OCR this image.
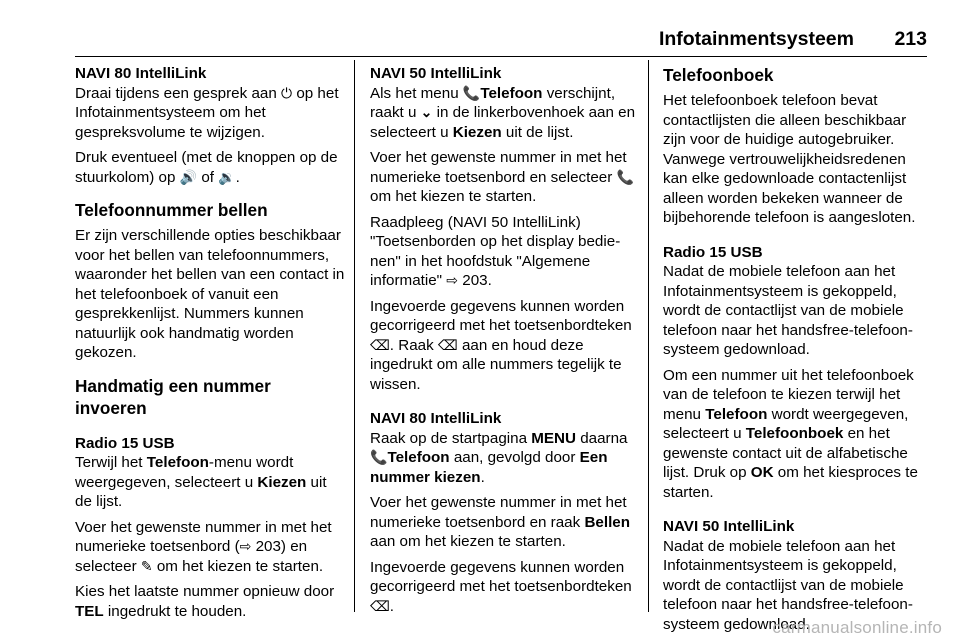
Infotainmentsysteem 213

NAVI 80 IntelliLink

Draai tijdens een gesprek aan ⏻ op het Infotainmentsysteem om het gespreksvolume te wijzigen.

Druk eventueel (met de knoppen op de stuurkolom) op 🔊 of 🔉.

Telefoonnummer bellen

Er zijn verschillende opties beschikbaar voor het bellen van telefoonnummers, waaronder het bellen van een contact in het telefoonboek of vanuit een gesprekkenlijst. Nummers kunnen natuurlijk ook handmatig worden gekozen.

Handmatig een nummer invoeren

Radio 15 USB

Terwijl het Telefoon-menu wordt weergegeven, selecteert u Kiezen uit de lijst.

Voer het gewenste nummer in met het numerieke toetsenbord (⇨ 203) en selecteer ✎ om het kiezen te starten.

Kies het laatste nummer opnieuw door TEL ingedrukt te houden.

NAVI 50 IntelliLink

Als het menu 📞Telefoon verschijnt, raakt u ⌄ in de linkerbovenhoek aan en selecteert u Kiezen uit de lijst.

Voer het gewenste nummer in met het numerieke toetsenbord en selecteer 📞 om het kiezen te starten.

Raadpleeg (NAVI 50 IntelliLink) "Toetsenborden op het display bedienen" in het hoofdstuk "Algemene informatie" ⇨ 203.

Ingevoerde gegevens kunnen worden gecorrigeerd met het toetsenbordteken ⌫. Raak ⌫ aan en houd deze ingedrukt om alle nummers tegelijk te wissen.

NAVI 80 IntelliLink

Raak op de startpagina MENU daarna 📞Telefoon aan, gevolgd door Een nummer kiezen.

Voer het gewenste nummer in met het numerieke toetsenbord en raak Bellen aan om het kiezen te starten.

Ingevoerde gegevens kunnen worden gecorrigeerd met het toetsenbordteken ⌫.

Telefoonboek

Het telefoonboek telefoon bevat contactlijsten die alleen beschikbaar zijn voor de huidige autogebruiker. Vanwege vertrouwelijkheidsredenen kan elke gedownloade contactenlijst alleen worden bekeken wanneer de bijbehorende telefoon is aangesloten.

Radio 15 USB

Nadat de mobiele telefoon aan het Infotainmentsysteem is gekoppeld, wordt de contactlijst van de mobiele telefoon naar het handsfree-telefoonsysteem gedownload.

Om een nummer uit het telefoonboek van de telefoon te kiezen terwijl het menu Telefoon wordt weergegeven, selecteert u Telefoonboek en het gewenste contact uit de alfabetische lijst. Druk op OK om het kiesproces te starten.

NAVI 50 IntelliLink

Nadat de mobiele telefoon aan het Infotainmentsysteem is gekoppeld, wordt de contactlijst van de mobiele telefoon naar het handsfree-telefoonsysteem gedownload.

carmanualsonline.info
